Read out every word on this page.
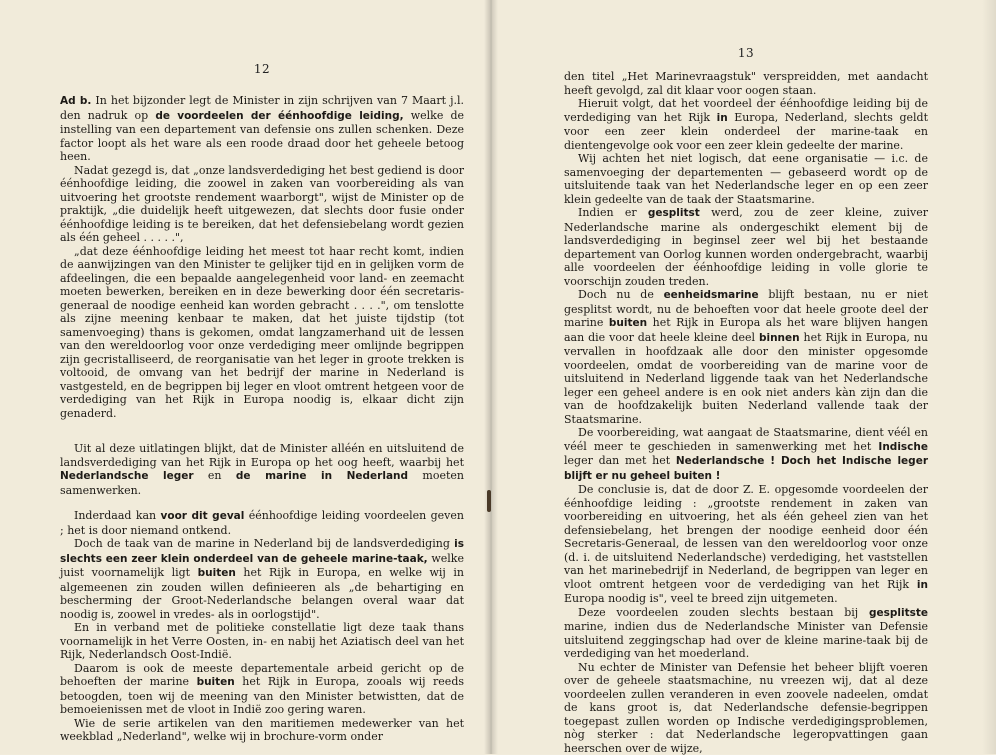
12

Ad b. In het bijzonder legt de Minister in zijn schrijven van 7 Maart j.l. den nadruk op de voordeelen der éénhoofdige leiding, welke de instelling van een departement van defensie ons zullen schenken. Deze factor loopt als het ware als een roode draad door het geheele betoog heen.

Nadat gezegd is, dat „onze landsverdediging het best gediend is door éénhoofdige leiding, die zoowel in zaken van voorbereiding als van uitvoering het grootste rendement waarborgt", wijst de Minister op de praktijk, „die duidelijk heeft uitgewezen, dat slechts door fusie onder éénhoofdige leiding is te bereiken, dat het defensiebelang wordt gezien als één geheel . . . . .",

„dat deze éénhoofdige leiding het meest tot haar recht komt, indien de aanwijzingen van den Minister te gelijker tijd en in gelijken vorm de afdeelingen, die een bepaalde aangelegenheid voor land- en zeemacht moeten bewerken, bereiken en in deze bewerking door één secretaris-generaal de noodige eenheid kan worden gebracht . . . .", om tenslotte als zijne meening kenbaar te maken, dat het juiste tijdstip (tot samenvoeging) thans is gekomen, omdat langzamerhand uit de lessen van den wereldoorlog voor onze verdediging meer omlijnde begrippen zijn gecristalliseerd, de reorganisatie van het leger in groote trekken is voltooid, de omvang van het bedrijf der marine in Nederland is vastgesteld, en de begrippen bij leger en vloot omtrent hetgeen voor de verdediging van het Rijk in Europa noodig is, elkaar dicht zijn genaderd.

Uit al deze uitlatingen blijkt, dat de Minister alléén en uitsluitend de landsverdediging van het Rijk in Europa op het oog heeft, waarbij het Nederlandsche leger en de marine in Nederland moeten samenwerken.

Inderdaad kan voor dit geval éénhoofdige leiding voordeelen geven ; het is door niemand ontkend.

Doch de taak van de marine in Nederland bij de landsverdediging is slechts een zeer klein onderdeel van de geheele marine-taak, welke juist voornamelijk ligt buiten het Rijk in Europa, en welke wij in algemeenen zin zouden willen definieeren als „de behartiging en bescherming der Groot-Nederlandsche belangen overal waar dat noodig is, zoowel in vredes- als in oorlogstijd".

En in verband met de politieke constellatie ligt deze taak thans voornamelijk in het Verre Oosten, in- en nabij het Aziatisch deel van het Rijk, Nederlandsch Oost-Indië.

Daarom is ook de meeste departementale arbeid gericht op de behoeften der marine buiten het Rijk in Europa, zooals wij reeds betoogden, toen wij de meening van den Minister betwistten, dat de bemoeienissen met de vloot in Indië zoo gering waren.

Wie de serie artikelen van den maritiemen medewerker van het weekblad „Nederland", welke wij in brochure-vorm onder

13

den titel „Het Marinevraagstuk" verspreidden, met aandacht heeft gevolgd, zal dit klaar voor oogen staan.

Hieruit volgt, dat het voordeel der éénhoofdige leiding bij de verdediging van het Rijk in Europa, Nederland, slechts geldt voor een zeer klein onderdeel der marine-taak en dientengevolge ook voor een zeer klein gedeelte der marine.

Wij achten het niet logisch, dat eene organisatie — i.c. de samenvoeging der departementen — gebaseerd wordt op de uitsluitende taak van het Nederlandsche leger en op een zeer klein gedeelte van de taak der Staatsmarine.

Indien er gesplitst werd, zou de zeer kleine, zuiver Nederlandsche marine als ondergeschikt element bij de landsverdediging in beginsel zeer wel bij het bestaande departement van Oorlog kunnen worden ondergebracht, waarbij alle voordeelen der éénhoofdige leiding in volle glorie te voorschijn zouden treden.

Doch nu de eenheidsmarine blijft bestaan, nu er niet gesplitst wordt, nu de behoeften voor dat heele groote deel der marine buiten het Rijk in Europa als het ware blijven hangen aan die voor dat heele kleine deel binnen het Rijk in Europa, nu vervallen in hoofdzaak alle door den minister opgesomde voordeelen, omdat de voorbereiding van de marine voor de uitsluitend in Nederland liggende taak van het Nederlandsche leger een geheel andere is en ook niet anders kàn zijn dan die van de hoofdzakelijk buiten Nederland vallende taak der Staatsmarine.

De voorbereiding, wat aangaat de Staatsmarine, dient véél en véél meer te geschieden in samenwerking met het Indische leger dan met het Nederlandsche ! Doch het Indische leger blijft er nu geheel buiten !

De conclusie is, dat de door Z. E. opgesomde voordeelen der éénhoofdige leiding : „grootste rendement in zaken van voorbereiding en uitvoering, het als één geheel zien van het defensiebelang, het brengen der noodige eenheid door één Secretaris-Generaal, de lessen van den wereldoorlog voor onze (d. i. de uitsluitend Nederlandsche) verdediging, het vaststellen van het marinebedrijf in Nederland, de begrippen van leger en vloot omtrent hetgeen voor de verdediging van het Rijk in Europa noodig is", veel te breed zijn uitgemeten.

Deze voordeelen zouden slechts bestaan bij gesplitste marine, indien dus de Nederlandsche Minister van Defensie uitsluitend zeggingschap had over de kleine marine-taak bij de verdediging van het moederland.

Nu echter de Minister van Defensie het beheer blijft voeren over de geheele staatsmachine, nu vreezen wij, dat al deze voordeelen zullen veranderen in even zoovele nadeelen, omdat de kans groot is, dat Nederlandsche defensie-begrippen toegepast zullen worden op Indische verdedigingsproblemen, nòg sterker : dat Nederlandsche legeropvattingen gaan heerschen over de wijze,
